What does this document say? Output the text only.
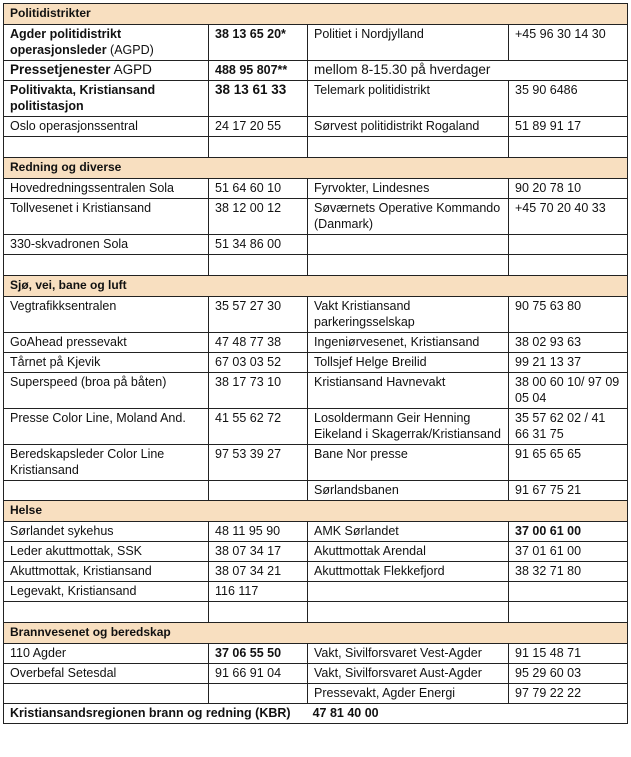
Politidistrikter			
Agder politidistrikt operasjonsleder (AGPD)	38 13 65 20*	Politiet i Nordjylland	+45 96 30 14 30
Pressetjenester AGPD	488 95 807**	mellom 8-15.30 på hverdager	
Politivakta, Kristiansand politistasjon	38 13 61 33	Telemark politidistrikt	35 90 6486
Oslo operasjonssentral	24 17 20 55	Sørvest politidistrikt Rogaland	51 89 91 17

Redning og diverse			
Hovedredningssentralen Sola	51 64 60 10	Fyrvokter, Lindesnes	90 20 78 10
Tollvesenet i Kristiansand	38 12 00 12	Søværnets Operative Kommando (Danmark)	+45 70 20 40 33
330-skvadronen Sola	51 34 86 00		

Sjø, vei, bane og luft			
Vegtrafikksentralen	35 57 27 30	Vakt Kristiansand parkeringsselskap	90 75 63 80
GoAhead pressevakt	47 48 77 38	Ingeniørvesenet, Kristiansand	38 02 93 63
Tårnet på Kjevik	67 03 03 52	Tollsjef Helge Breilid	99 21 13 37
Superspeed (broa på båten)	38 17 73 10	Kristiansand Havnevakt	38 00 60 10/ 97 09 05 04
Presse Color Line, Moland And.	41 55 62 72	Losoldermann Geir Henning Eikeland i Skagerrak/Kristiansand	35 57 62 02 / 41 66 31 75
Beredskapsleder Color Line Kristiansand	97 53 39 27	Bane Nor presse	91 65 65 65
		Sørlandsbanen	91 67 75 21
Helse			
Sørlandet sykehus	48 11 95 90	AMK Sørlandet	37 00 61 00
Leder akuttmottak, SSK	38 07 34 17	Akuttmottak Arendal	37 01 61 00
Akuttmottak, Kristiansand	38 07 34 21	Akuttmottak Flekkefjord	38 32 71 80
Legevakt, Kristiansand	116 117		

Brannvesenet og beredskap			
110 Agder	37 06 55 50	Vakt, Sivilforsvaret Vest-Agder	91 15 48 71
Overbefal Setesdal	91 66 91 04	Vakt, Sivilforsvaret Aust-Agder	95 29 60 03
		Pressevakt, Agder Energi	97 79 22 22
Kristiansandsregionen brann og redning (KBR) 47 81 40 00			
